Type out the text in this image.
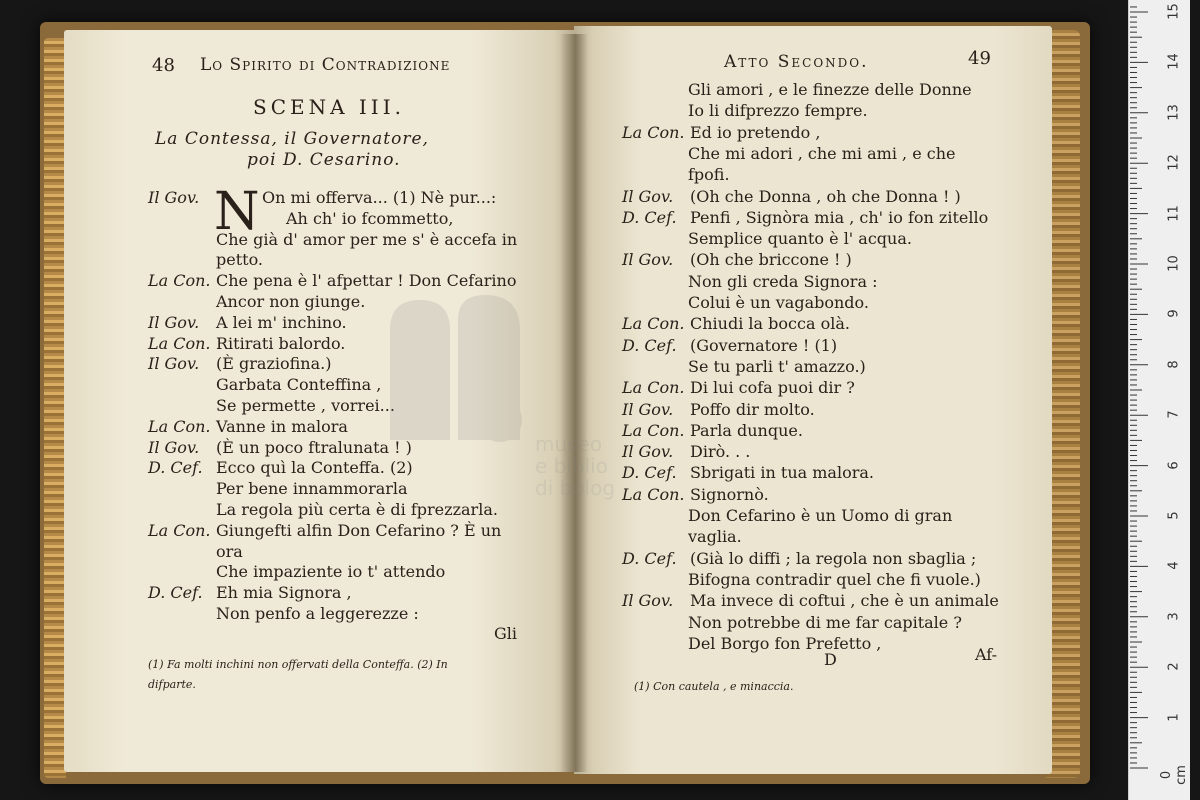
48 Lo Spirito di Contradizione
SCENA III.
La Contessa, il Governatore,
poi D. Cesarino.
N
Il Gov.	On mi offerva... (1) Nè pur...:
Ah ch' io fcommetto,
Che già d' amor per me s' è accefa in
petto.
La Con. Che pena è l' afpettar ! Don Cefarino
Ancor non giunge.
Il Gov. A lei m' inchino.
La Con. Ritirati balordo.
Il Gov. (È graziofina.)
Garbata Conteffina ,
Se permette , vorrei...
La Con. Vanne in malora
Il Gov. (È un poco ftralunata ! )
D. Cef. Ecco quì la Conteffa. (2)
Per bene innammorarla
La regola più certa è di fprezzarla.
La Con. Giungefti alfin Don Cefarino ? È un
ora
Che impaziente io t' attendo
D. Cef. Eh mia Signora ,
Non penfo a leggerezze :
Gli
(1) Fa molti inchini non offervati della Conteffa. (2) In
difparte.
Atto Secondo.	49
Gli amori , e le finezze delle Donne
Io li difprezzo fempre.
La Con. Ed io pretendo ,
Che mi adori , che mi ami , e che
fpofi.
Il Gov. (Oh che Donna , oh che Donna ! )
D. Cef. Penfi , Signòra mia , ch' io fon zitello
Semplice quanto è l' acqua.
Il Gov. (Oh che briccone ! )
Non gli creda Signora :
Colui è un vagabondo.
La Con. Chiudi la bocca olà.
D. Cef. (Governatore ! (1)
Se tu parli t' amazzo.)
La Con. Di lui cofa puoi dir ?
Il Gov. Poffo dir molto.
La Con. Parla dunque.
Il Gov. Dirò. . .
D. Cef. Sbrigati in tua malora.
La Con. Signornò.
Don Cefarino è un Uomo di gran
vaglia.
D. Cef. (Già lo diffi ; la regola non sbaglia ;
Bifogna contradir quel che fi vuole.)
Il Gov. Ma invece di coftui , che è un animale
Non potrebbe di me far capitale ?
Del Borgo fon Prefetto ,
D	Af-
(1) Con cautela , e minaccia.
0 cm
1
2
3
4
5
6
7
8
9
10
11
12
13
14
15
